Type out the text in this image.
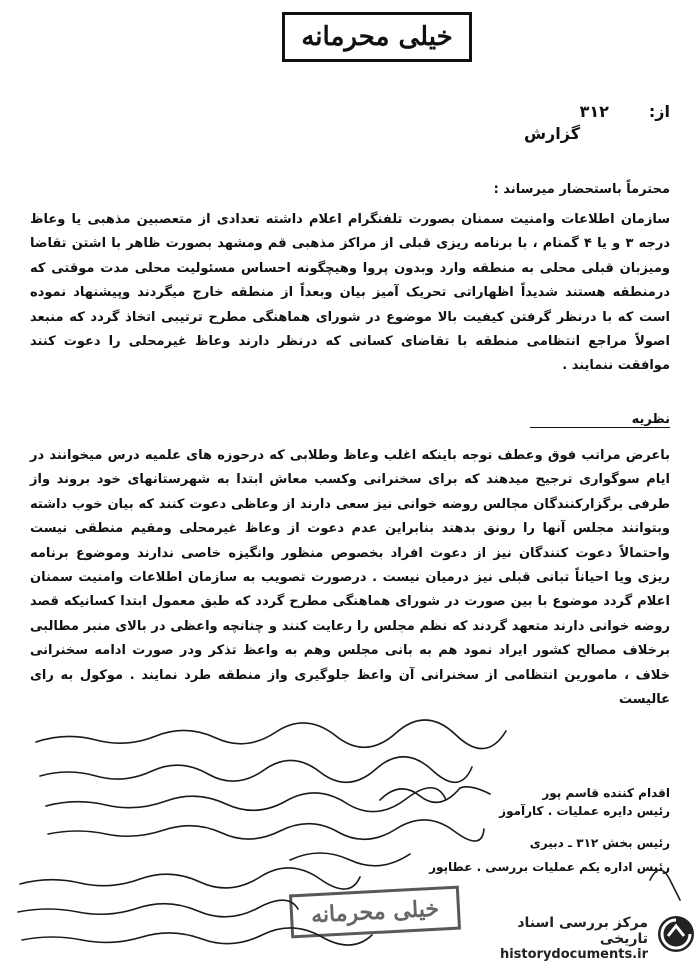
خیلی محرمانه
از:
۳۱۲
گزارش
محترماً باستحضار میرساند :
سازمان اطلاعات وامنیت سمنان بصورت تلفنگرام اعلام داشته تعدادی از متعصبین مذهبی یا وعاظ درجه ۳ و یا ۴ گمنام ، با برنامه ریزی قبلی از مراکز مذهبی قم ومشهد بصورت ظاهر با اشتن تقاضا ومیزبان قبلی محلی به منطقه وارد وبدون پروا وهیچگونه احساس مسئولیت محلی مدت موقتی که درمنطقه هستند شدیداً اظهاراتی تحریک آمیز بیان وبعداً از منطقه خارج میگردند وپیشنهاد نموده است که با درنظر گرفتن کیفیت بالا موضوع در شورای هماهنگی مطرح ترتیبی اتخاذ گردد که منبعد اصولاً مراجع انتظامی منطقه با تقاضای کسانی که درنظر دارند وعاظ غیرمحلی را دعوت کنند موافقت ننمایند .
نظریه
باعرض مراتب فوق وعطف توجه باینکه اغلب وعاظ وطلابی که درحوزه های علمیه درس میخوانند در ایام سوگواری ترجیح میدهند که برای سخنرانی وکسب معاش ابتدا به شهرستانهای خود بروند واز طرفی برگزارکنندگان مجالس روضه خوانی نیز سعی دارند از وعاظی دعوت کنند که بیان خوب داشته وبتوانند مجلس آنها را رونق بدهند بنابراین عدم دعوت از وعاظ غیرمحلی ومقیم منطقی نیست واحتمالاً دعوت کنندگان نیز از دعوت افراد بخصوص منظور وانگیزه خاصی ندارند وموضوع برنامه ریزی ویا احیاناً تبانی قبلی نیز درمیان نیست . درصورت تصویب به سازمان اطلاعات وامنیت سمنان اعلام گردد موضوع با بین صورت در شورای هماهنگی مطرح گردد که طبق معمول ابتدا کسانیکه قصد روضه خوانی دارند متعهد گردند که نظم مجلس را رعایت کنند و چنانچه واعظی در بالای منبر مطالبی برخلاف مصالح کشور ایراد نمود هم به بانی مجلس وهم به واعظ تذکر ودر صورت ادامه سخنرانی خلاف ، مامورین انتظامی از سخنرانی آن واعظ جلوگیری واز منطقه طرد نمایند . موکول به رای عالیست
اقدام کننده قاسم پور
رئیس دایره عملیات . کارآموز
رئیس بخش ۳۱۲ ـ دبیری
رئیس اداره یکم عملیات بررسی . عطاپور
خیلی محرمانه	مرکز بررسی اسناد تاریخی
historydocuments.ir
